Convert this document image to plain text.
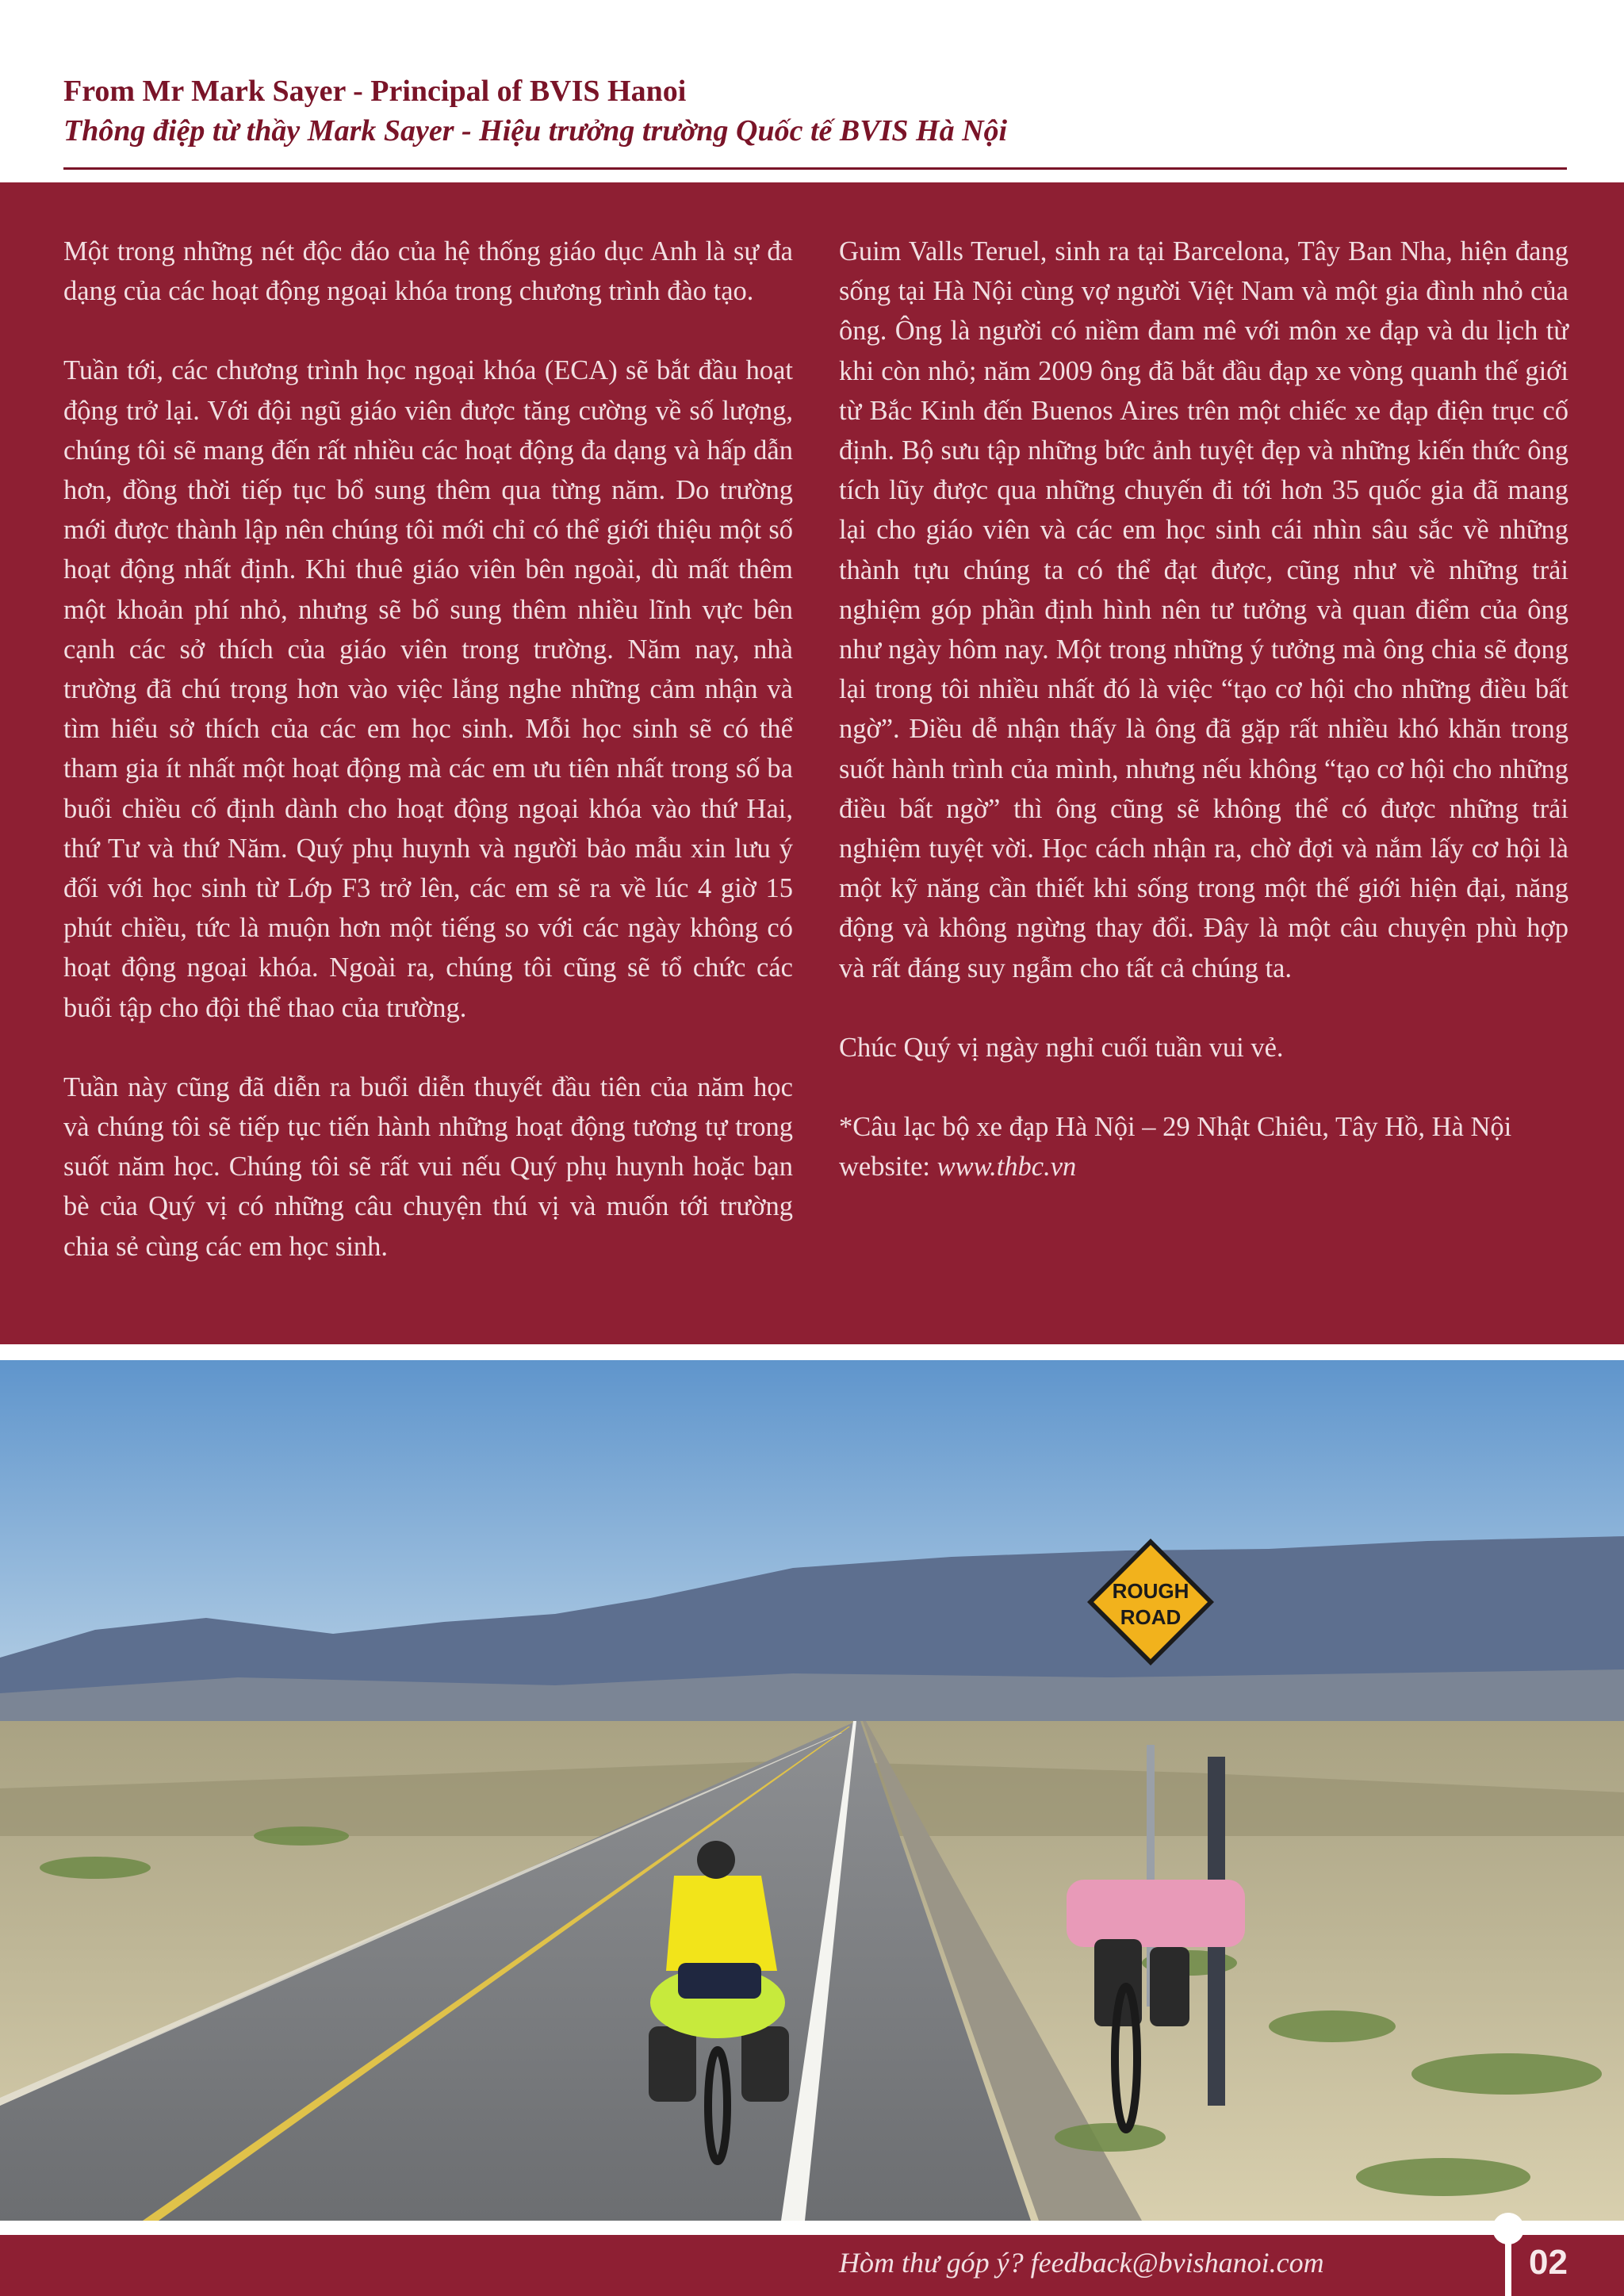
From Mr Mark Sayer - Principal of BVIS Hanoi
Thông điệp từ thầy Mark Sayer - Hiệu trưởng trường Quốc tế BVIS Hà Nội

Một trong những nét độc đáo của hệ thống giáo dục Anh là sự đa dạng của các hoạt động ngoại khóa trong chương trình đào tạo.

Tuần tới, các chương trình học ngoại khóa (ECA) sẽ bắt đầu hoạt động trở lại. Với đội ngũ giáo viên được tăng cường về số lượng, chúng tôi sẽ mang đến rất nhiều các hoạt động đa dạng và hấp dẫn hơn, đồng thời tiếp tục bổ sung thêm qua từng năm. Do trường mới được thành lập nên chúng tôi mới chỉ có thể giới thiệu một số hoạt động nhất định. Khi thuê giáo viên bên ngoài, dù mất thêm một khoản phí nhỏ, nhưng sẽ bổ sung thêm nhiều lĩnh vực bên cạnh các sở thích của giáo viên trong trường. Năm nay, nhà trường đã chú trọng hơn vào việc lắng nghe những cảm nhận và tìm hiểu sở thích của các em học sinh. Mỗi học sinh sẽ có thể tham gia ít nhất một hoạt động mà các em ưu tiên nhất trong số ba buổi chiều cố định dành cho hoạt động ngoại khóa vào thứ Hai, thứ Tư và thứ Năm. Quý phụ huynh và người bảo mẫu xin lưu ý đối với học sinh từ Lớp F3 trở lên, các em sẽ ra về lúc 4 giờ 15 phút chiều, tức là muộn hơn một tiếng so với các ngày không có hoạt động ngoại khóa. Ngoài ra, chúng tôi cũng sẽ tổ chức các buổi tập cho đội thể thao của trường.

Tuần này cũng đã diễn ra buổi diễn thuyết đầu tiên của năm học và chúng tôi sẽ tiếp tục tiến hành những hoạt động tương tự trong suốt năm học. Chúng tôi sẽ rất vui nếu Quý phụ huynh hoặc bạn bè của Quý vị có những câu chuyện thú vị và muốn tới trường chia sẻ cùng các em học sinh.

Guim Valls Teruel, sinh ra tại Barcelona, Tây Ban Nha, hiện đang sống tại Hà Nội cùng vợ người Việt Nam và một gia đình nhỏ của ông. Ông là người có niềm đam mê với môn xe đạp và du lịch từ khi còn nhỏ; năm 2009 ông đã bắt đầu đạp xe vòng quanh thế giới từ Bắc Kinh đến Buenos Aires trên một chiếc xe đạp điện trục cố định. Bộ sưu tập những bức ảnh tuyệt đẹp và những kiến thức ông tích lũy được qua những chuyến đi tới hơn 35 quốc gia đã mang lại cho giáo viên và các em học sinh cái nhìn sâu sắc về những thành tựu chúng ta có thể đạt được, cũng như về những trải nghiệm góp phần định hình nên tư tưởng và quan điểm của ông như ngày hôm nay. Một trong những ý tưởng mà ông chia sẽ đọng lại trong tôi nhiều nhất đó là việc “tạo cơ hội cho những điều bất ngờ”. Điều dễ nhận thấy là ông đã gặp rất nhiều khó khăn trong suốt hành trình của mình, nhưng nếu không “tạo cơ hội cho những điều bất ngờ” thì ông cũng sẽ không thể có được những trải nghiệm tuyệt vời. Học cách nhận ra, chờ đợi và nắm lấy cơ hội là một kỹ năng cần thiết khi sống trong một thế giới hiện đại, năng động và không ngừng thay đổi. Đây là một câu chuyện phù hợp và rất đáng suy ngẫm cho tất cả chúng ta.

Chúc Quý vị ngày nghỉ cuối tuần vui vẻ.

*Câu lạc bộ xe đạp Hà Nội – 29 Nhật Chiêu, Tây Hồ, Hà Nội
website: www.thbc.vn

ROUGH
ROAD
Hòm thư góp ý? feedback@bvishanoi.com	02
